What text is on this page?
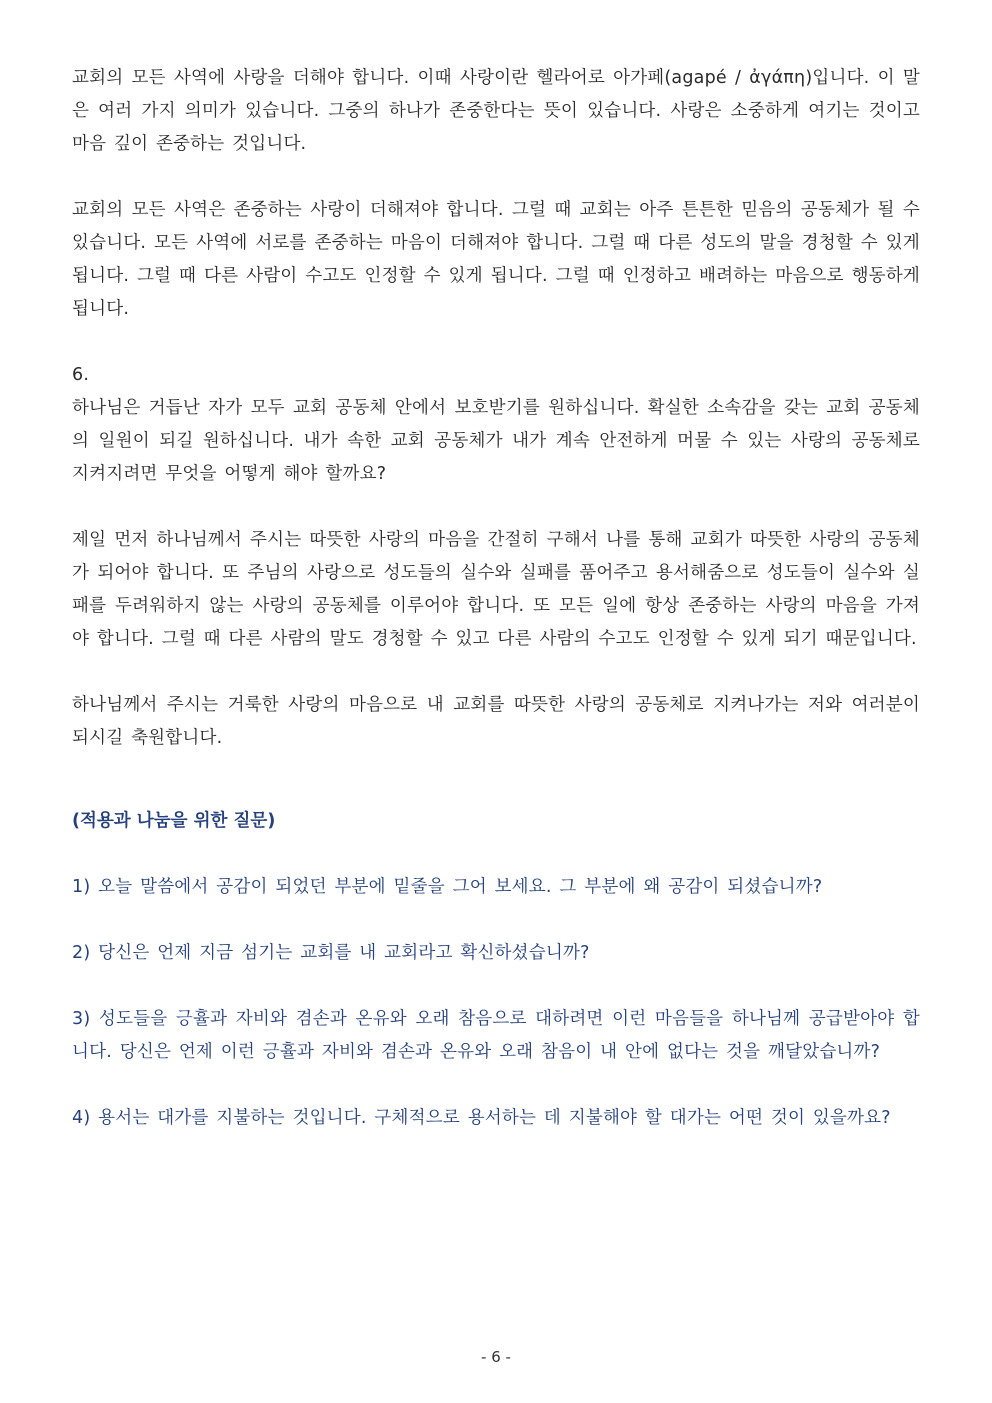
교회의 모든 사역에 사랑을 더해야 합니다. 이때 사랑이란 헬라어로 아가페(agapé / ἀγάπη)입니다. 이 말은 여러 가지 의미가 있습니다. 그중의 하나가 존중한다는 뜻이 있습니다. 사랑은 소중하게 여기는 것이고 마음 깊이 존중하는 것입니다.

교회의 모든 사역은 존중하는 사랑이 더해져야 합니다. 그럴 때 교회는 아주 튼튼한 믿음의 공동체가 될 수 있습니다. 모든 사역에 서로를 존중하는 마음이 더해져야 합니다. 그럴 때 다른 성도의 말을 경청할 수 있게 됩니다. 그럴 때 다른 사람이 수고도 인정할 수 있게 됩니다. 그럴 때 인정하고 배려하는 마음으로 행동하게 됩니다.

6.

하나님은 거듭난 자가 모두 교회 공동체 안에서 보호받기를 원하십니다. 확실한 소속감을 갖는 교회 공동체의 일원이 되길 원하십니다. 내가 속한 교회 공동체가 내가 계속 안전하게 머물 수 있는 사랑의 공동체로 지켜지려면 무엇을 어떻게 해야 할까요?

제일 먼저 하나님께서 주시는 따뜻한 사랑의 마음을 간절히 구해서 나를 통해 교회가 따뜻한 사랑의 공동체가 되어야 합니다. 또 주님의 사랑으로 성도들의 실수와 실패를 품어주고 용서해줌으로 성도들이 실수와 실패를 두려워하지 않는 사랑의 공동체를 이루어야 합니다. 또 모든 일에 항상 존중하는 사랑의 마음을 가져야 합니다. 그럴 때 다른 사람의 말도 경청할 수 있고 다른 사람의 수고도 인정할 수 있게 되기 때문입니다.

하나님께서 주시는 거룩한 사랑의 마음으로 내 교회를 따뜻한 사랑의 공동체로 지켜나가는 저와 여러분이 되시길 축원합니다.

(적용과 나눔을 위한 질문)

1) 오늘 말씀에서 공감이 되었던 부분에 밑줄을 그어 보세요. 그 부분에 왜 공감이 되셨습니까?

2) 당신은 언제 지금 섬기는 교회를 내 교회라고 확신하셨습니까?

3) 성도들을 긍휼과 자비와 겸손과 온유와 오래 참음으로 대하려면 이런 마음들을 하나님께 공급받아야 합니다. 당신은 언제 이런 긍휼과 자비와 겸손과 온유와 오래 참음이 내 안에 없다는 것을 깨달았습니까?

4) 용서는 대가를 지불하는 것입니다. 구체적으로 용서하는 데 지불해야 할 대가는 어떤 것이 있을까요?

- 6 -
